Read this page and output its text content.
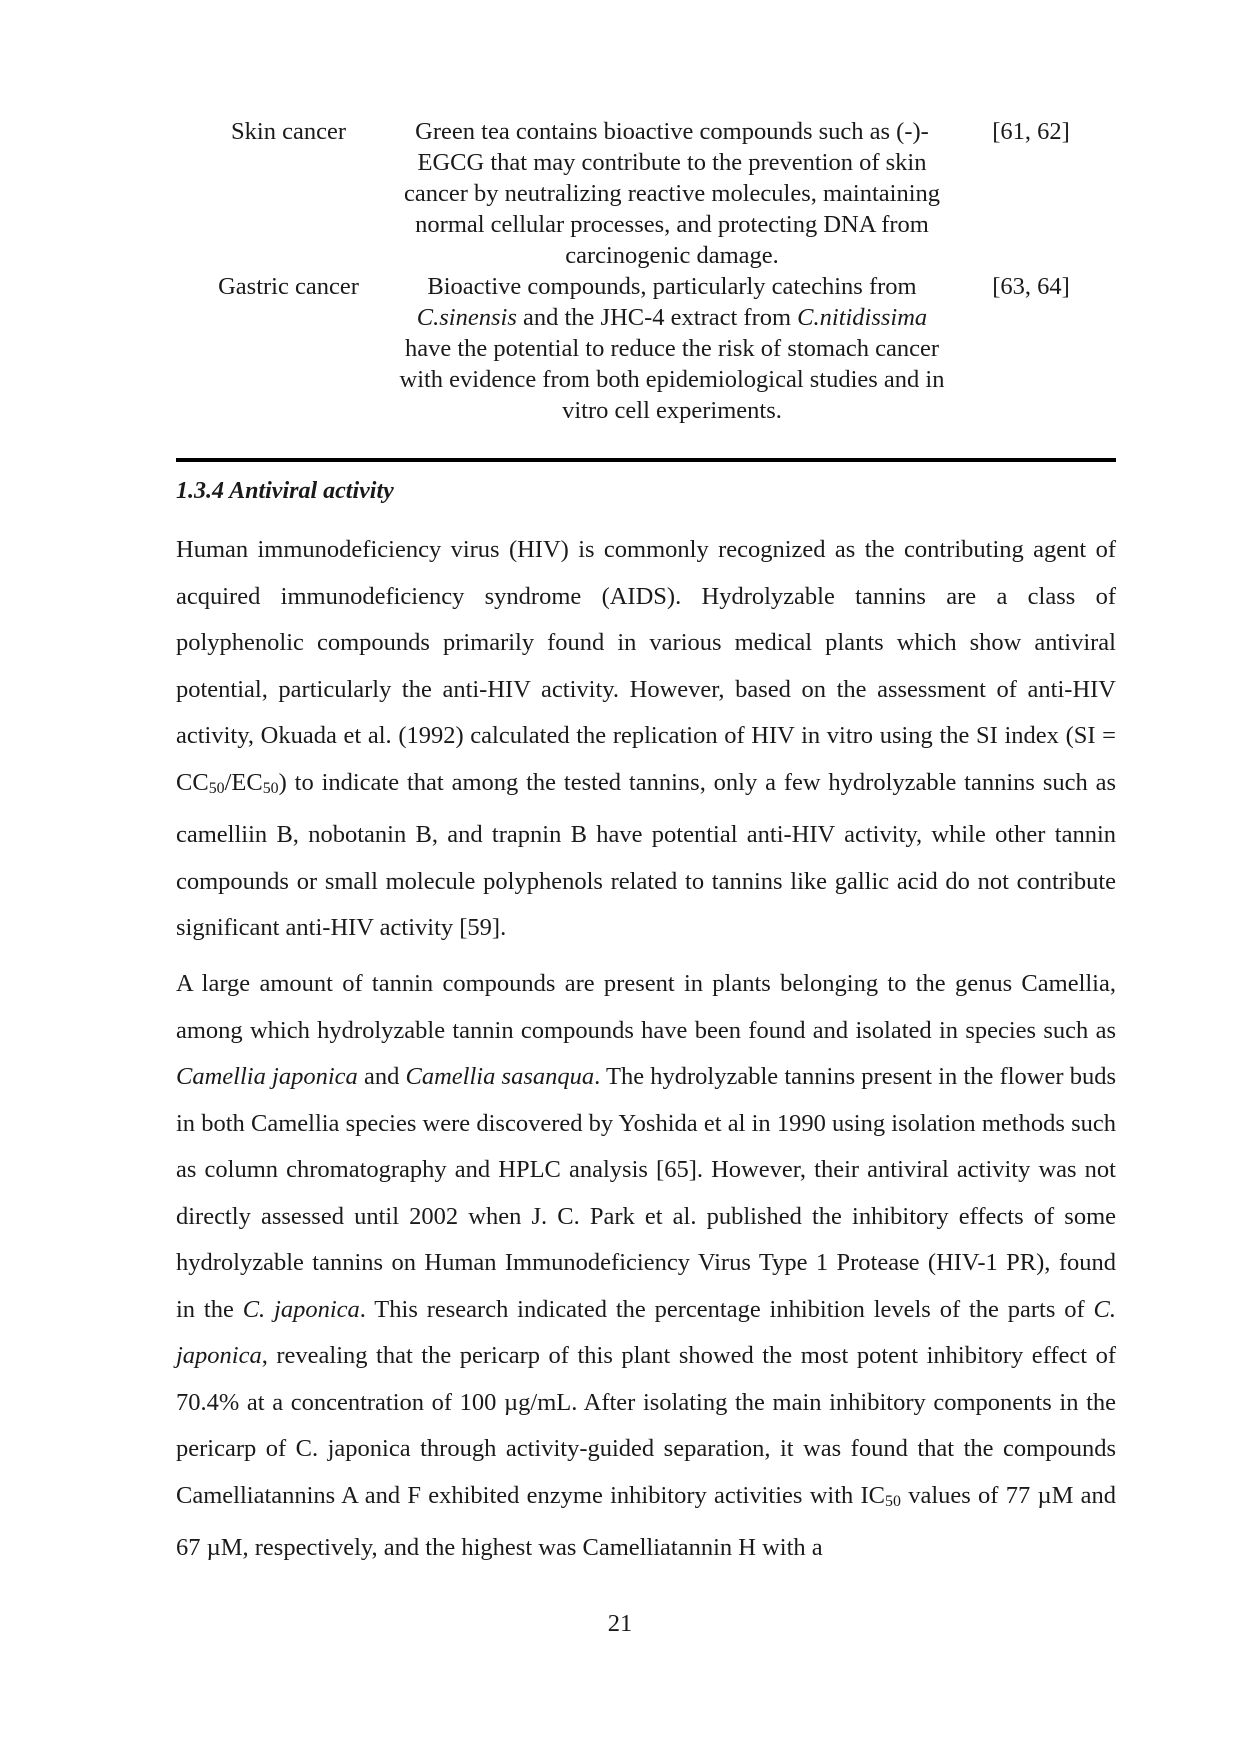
Skin cancer	Green tea contains bioactive compounds such as (-)-EGCG that may contribute to the prevention of skin cancer by neutralizing reactive molecules, maintaining normal cellular processes, and protecting DNA from carcinogenic damage.
[61, 62]
Gastric cancer	Bioactive compounds, particularly catechins from C.sinensis and the JHC-4 extract from C.nitidissima have the potential to reduce the risk of stomach cancer with evidence from both epidemiological studies and in vitro cell experiments.
[63, 64]
1.3.4 Antiviral activity
Human immunodeficiency virus (HIV) is commonly recognized as the contributing agent of acquired immunodeficiency syndrome (AIDS). Hydrolyzable tannins are a class of polyphenolic compounds primarily found in various medical plants which show antiviral potential, particularly the anti-HIV activity. However, based on the assessment of anti-HIV activity, Okuada et al. (1992) calculated the replication of HIV in vitro using the SI index $(SI = CC_{50}/EC_{50})$ to indicate that among the tested tannins, only a few hydrolyzable tannins such as camelliin B, nobotanin B, and trapnin B have potential anti-HIV activity, while other tannin compounds or small molecule polyphenols related to tannins like gallic acid do not contribute significant anti-HIV activity [59].
A large amount of tannin compounds are present in plants belonging to the genus Camellia, among which hydrolyzable tannin compounds have been found and isolated in species such as Camellia japonica and Camellia sasanqua. The hydrolyzable tannins present in the flower buds in both Camellia species were discovered by Yoshida et al in 1990 using isolation methods such as column chromatography and HPLC analysis [65]. However, their antiviral activity was not directly assessed until 2002 when J. C. Park et al. published the inhibitory effects of some hydrolyzable tannins on Human Immunodeficiency Virus Type 1 Protease (HIV-1 PR), found in the C. japonica. This research indicated the percentage inhibition levels of the parts of C. japonica, revealing that the pericarp of this plant showed the most potent inhibitory effect of 70.4% at a concentration of 100 µg/mL. After isolating the main inhibitory components in the pericarp of C. japonica through activity-guided separation, it was found that the compounds Camelliatannins A and F exhibited enzyme inhibitory activities with $IC_{50}$ values of 77 µM and 67 µM, respectively, and the highest was Camelliatannin H with a
21
